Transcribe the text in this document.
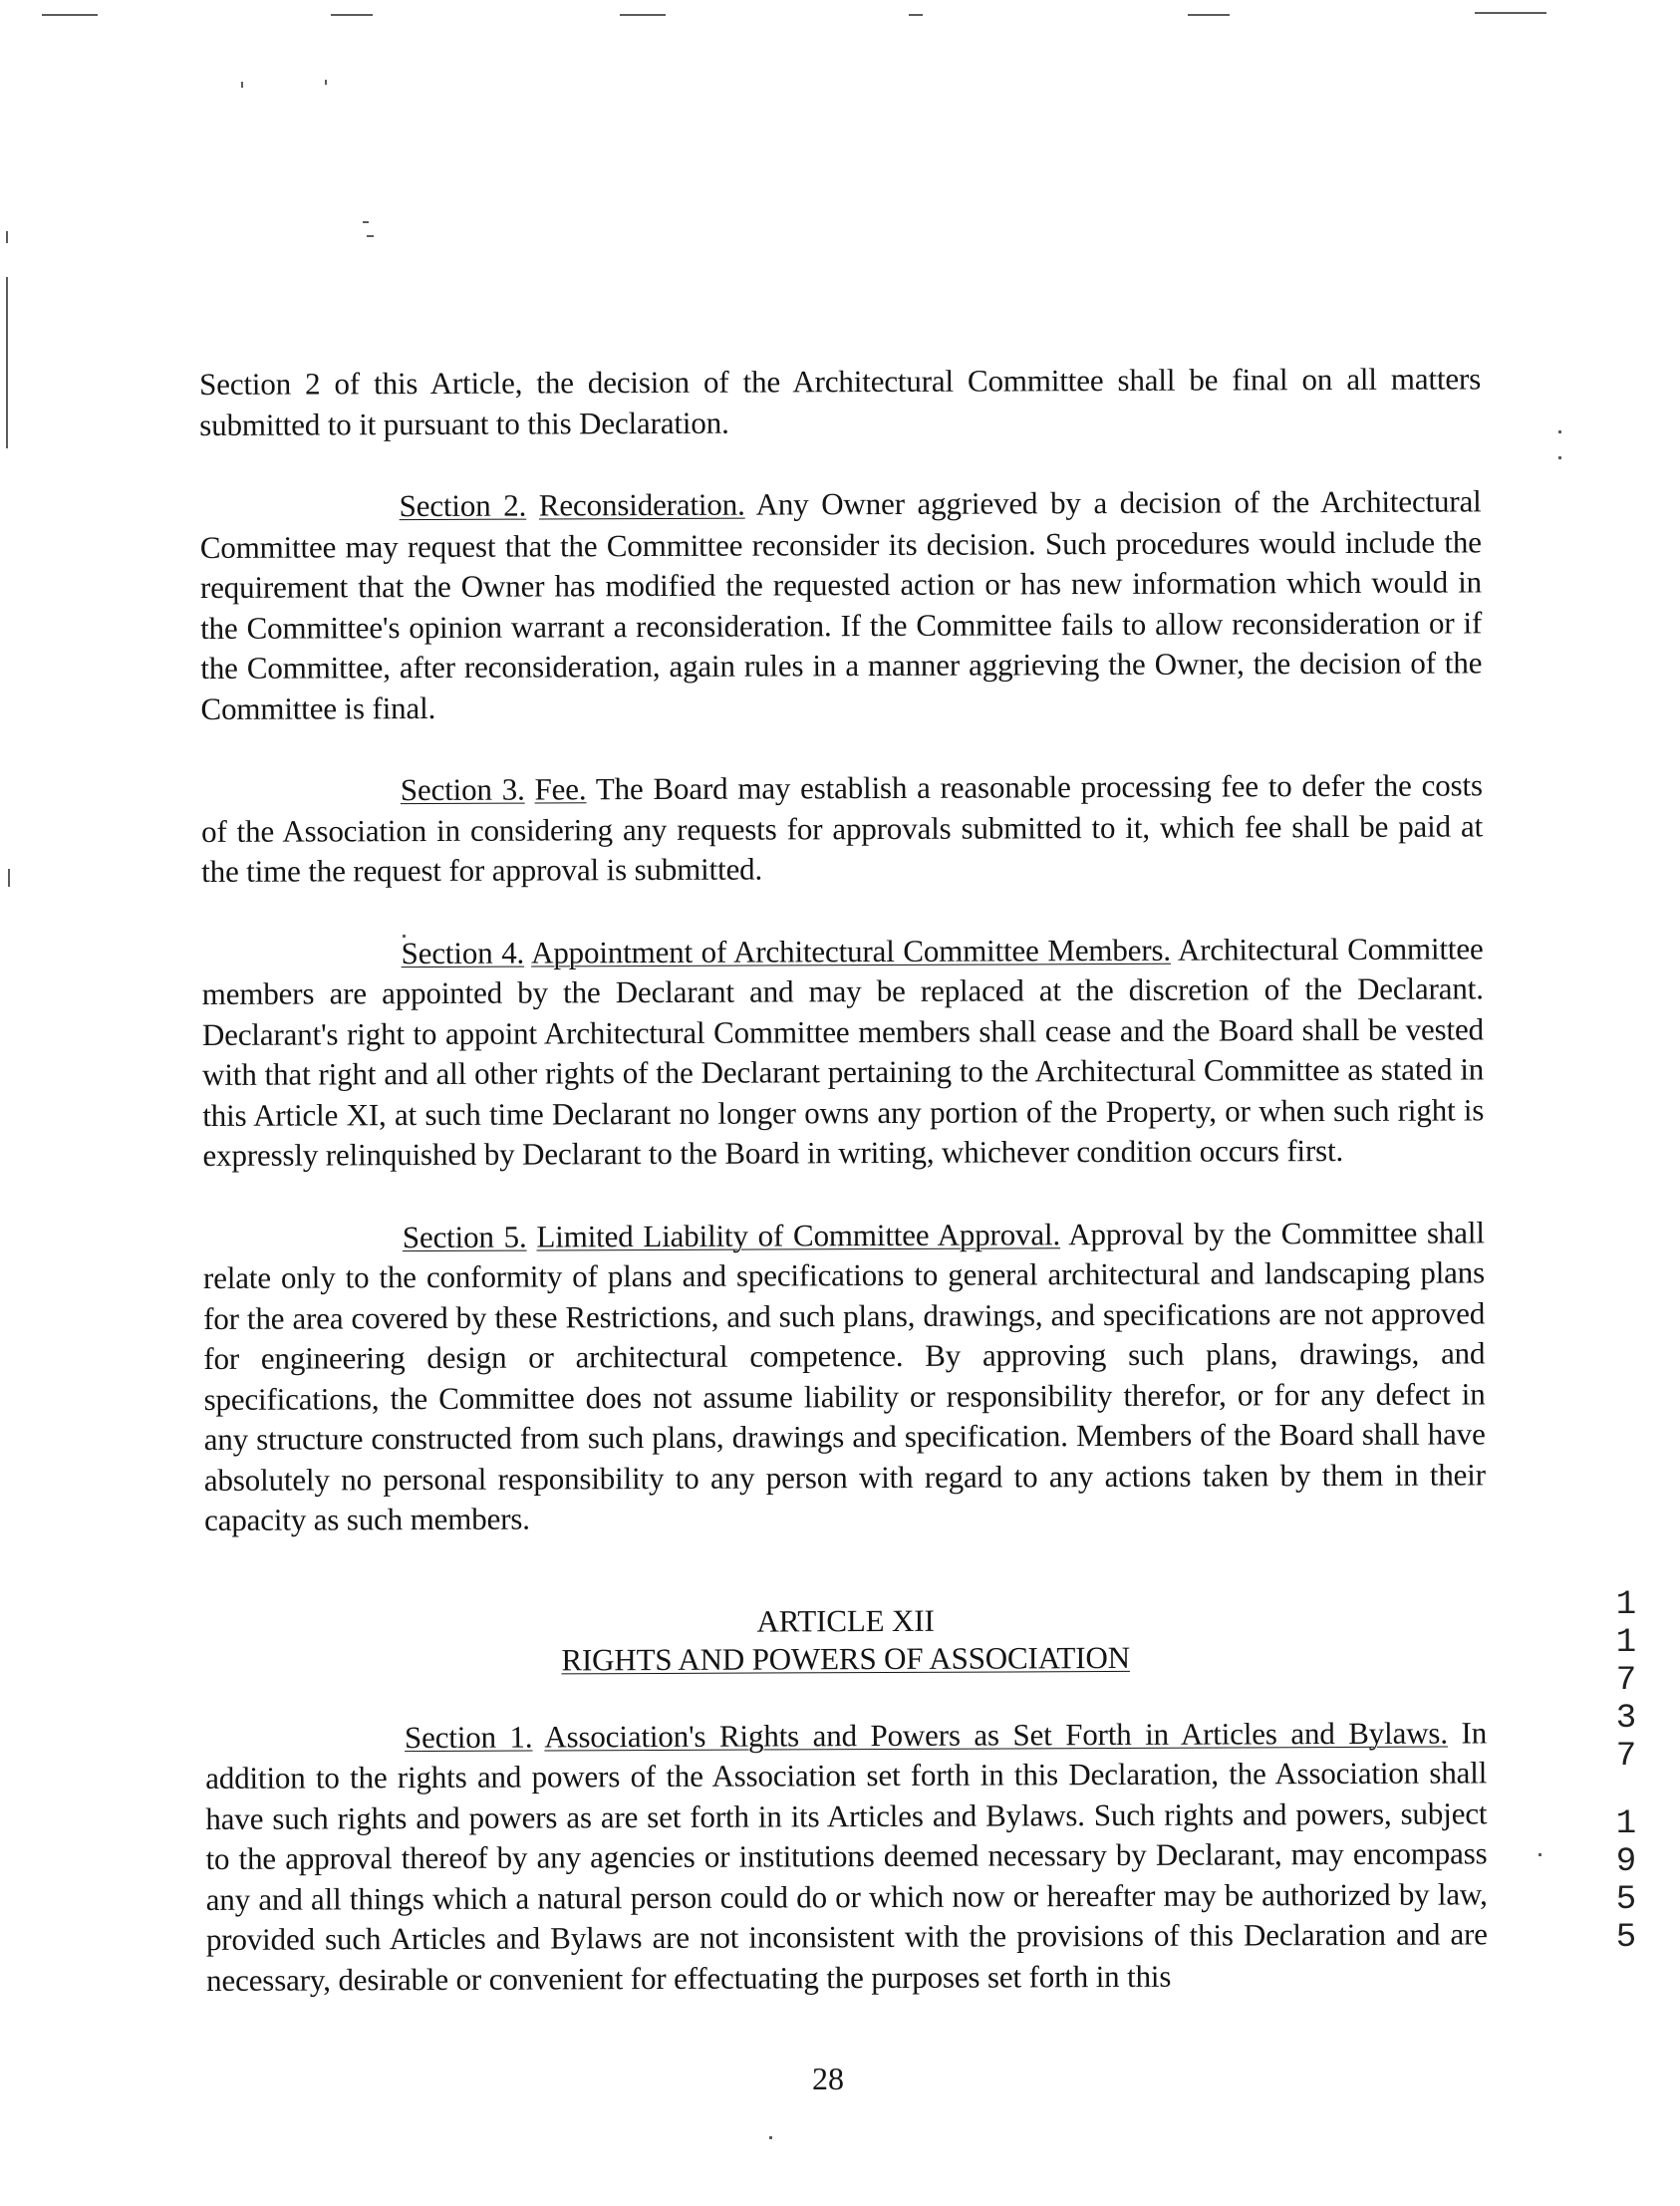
Section 2 of this Article, the decision of the Architectural Committee shall be final on all matters submitted to it pursuant to this Declaration.

Section 2. Reconsideration. Any Owner aggrieved by a decision of the Architectural Committee may request that the Committee reconsider its decision. Such procedures would include the requirement that the Owner has modified the requested action or has new information which would in the Committee's opinion warrant a reconsideration. If the Committee fails to allow reconsideration or if the Committee, after reconsideration, again rules in a manner aggrieving the Owner, the decision of the Committee is final.

Section 3. Fee. The Board may establish a reasonable processing fee to defer the costs of the Association in considering any requests for approvals submitted to it, which fee shall be paid at the time the request for approval is submitted.

Section 4. Appointment of Architectural Committee Members. Architectural Committee members are appointed by the Declarant and may be replaced at the discretion of the Declarant. Declarant's right to appoint Architectural Committee members shall cease and the Board shall be vested with that right and all other rights of the Declarant pertaining to the Architectural Committee as stated in this Article XI, at such time Declarant no longer owns any portion of the Property, or when such right is expressly relinquished by Declarant to the Board in writing, whichever condition occurs first.

Section 5. Limited Liability of Committee Approval. Approval by the Committee shall relate only to the conformity of plans and specifications to general architectural and landscaping plans for the area covered by these Restrictions, and such plans, drawings, and specifications are not approved for engineering design or architectural competence. By approving such plans, drawings, and specifications, the Committee does not assume liability or responsibility therefor, or for any defect in any structure constructed from such plans, drawings and specification. Members of the Board shall have absolutely no personal responsibility to any person with regard to any actions taken by them in their capacity as such members.

ARTICLE XII
RIGHTS AND POWERS OF ASSOCIATION

Section 1. Association's Rights and Powers as Set Forth in Articles and Bylaws. In addition to the rights and powers of the Association set forth in this Declaration, the Association shall have such rights and powers as are set forth in its Articles and Bylaws. Such rights and powers, subject to the approval thereof by any agencies or institutions deemed necessary by Declarant, may encompass any and all things which a natural person could do or which now or hereafter may be authorized by law, provided such Articles and Bylaws are not inconsistent with the provisions of this Declaration and are necessary, desirable or convenient for effectuating the purposes set forth in this

1
1
7
3
7
1
9
5
5
28
